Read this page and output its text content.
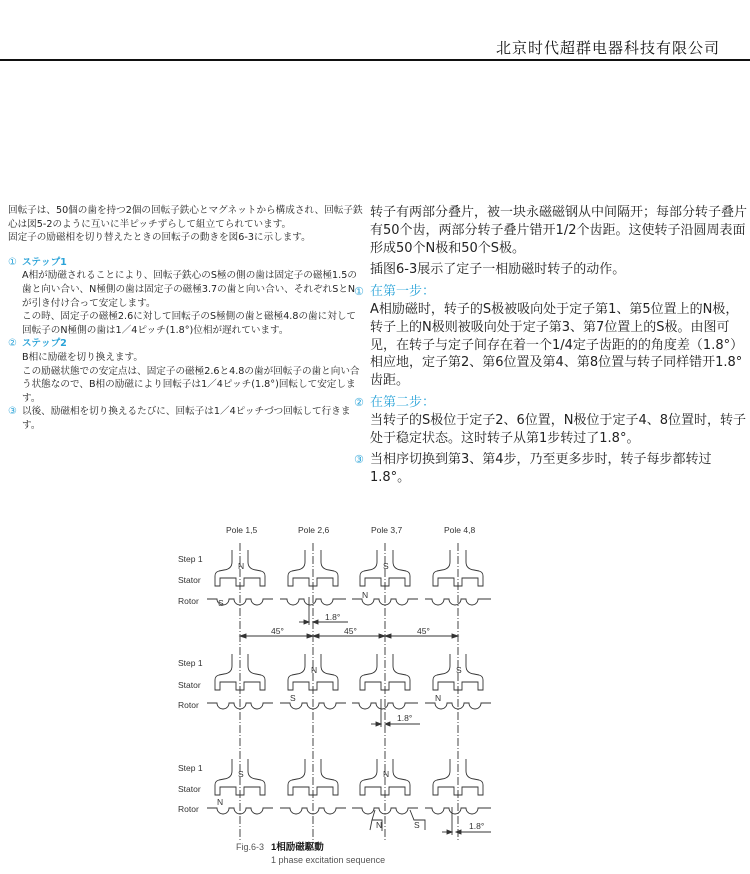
北京时代超群电器科技有限公司

回転子は、50個の歯を持つ2個の回転子鉄心とマグネットから構成され、回転子鉄心は図5-2のように互いに半ピッチずらして組立てられています。

固定子の励磁相を切り替えたときの回転子の動きを図6-3に示します。

① ステップ1

A相が励磁されることにより、回転子鉄心のS極の側の歯は固定子の磁極1.5の歯と向い合い、N極側の歯は固定子の磁極3.7の歯と向い合い、それぞれSとNが引き付け合って安定します。

この時、固定子の磁極2.6に対して回転子のS極側の歯と磁極4.8の歯に対して回転子のN極側の歯は1／4ピッチ(1.8°)位相が遅れています。

② ステップ2

B相に励磁を切り換えます。

この励磁状態での安定点は、固定子の磁極2.6と4.8の歯が回転子の歯と向い合う状態なので、B相の励磁により回転子は1／4ピッチ(1.8°)回転して安定します。

③ 以後、励磁相を切り換えるたびに、回転子は1／4ピッチづつ回転して行きます。

转子有两部分叠片，被一块永磁磁钢从中间隔开；每部分转子叠片有50个齿，两部分转子叠片错开1/2个齿距。这使转子沿圆周表面形成50个N极和50个S极。

插图6-3展示了定子一相励磁时转子的动作。

① 在第一步：

A相励磁时，转子的S极被吸向处于定子第1、第5位置上的N极，转子上的N极则被吸向处于定子第3、第7位置上的S极。由图可见，在转子与定子间存在着一个1/4定子齿距的的角度差（1.8°）

相应地，定子第2、第6位置及第4、第8位置与转子同样错开1.8°齿距。

② 在第二步：

当转子的S极位于定子2、6位置，N极位于定子4、8位置时，转子处于稳定状态。这时转子从第1步转过了1.8°。

③ 当相序切换到第3、第4步，乃至更多步时，转子每步都转过1.8°。

Pole 1,5	Pole 2,6	Pole 3,7	Pole 4,8
Step 1
Stator
Rotor
Step 1
Stator
Rotor
Step 1
Stator
Rotor
N	S
S
N
N	S
S	N
S	N
N
N	S
1.8°
45°	45°	45°
1.8°
1.8°
Fig.6-3 1相励磁駆動
1 phase excitation sequence
